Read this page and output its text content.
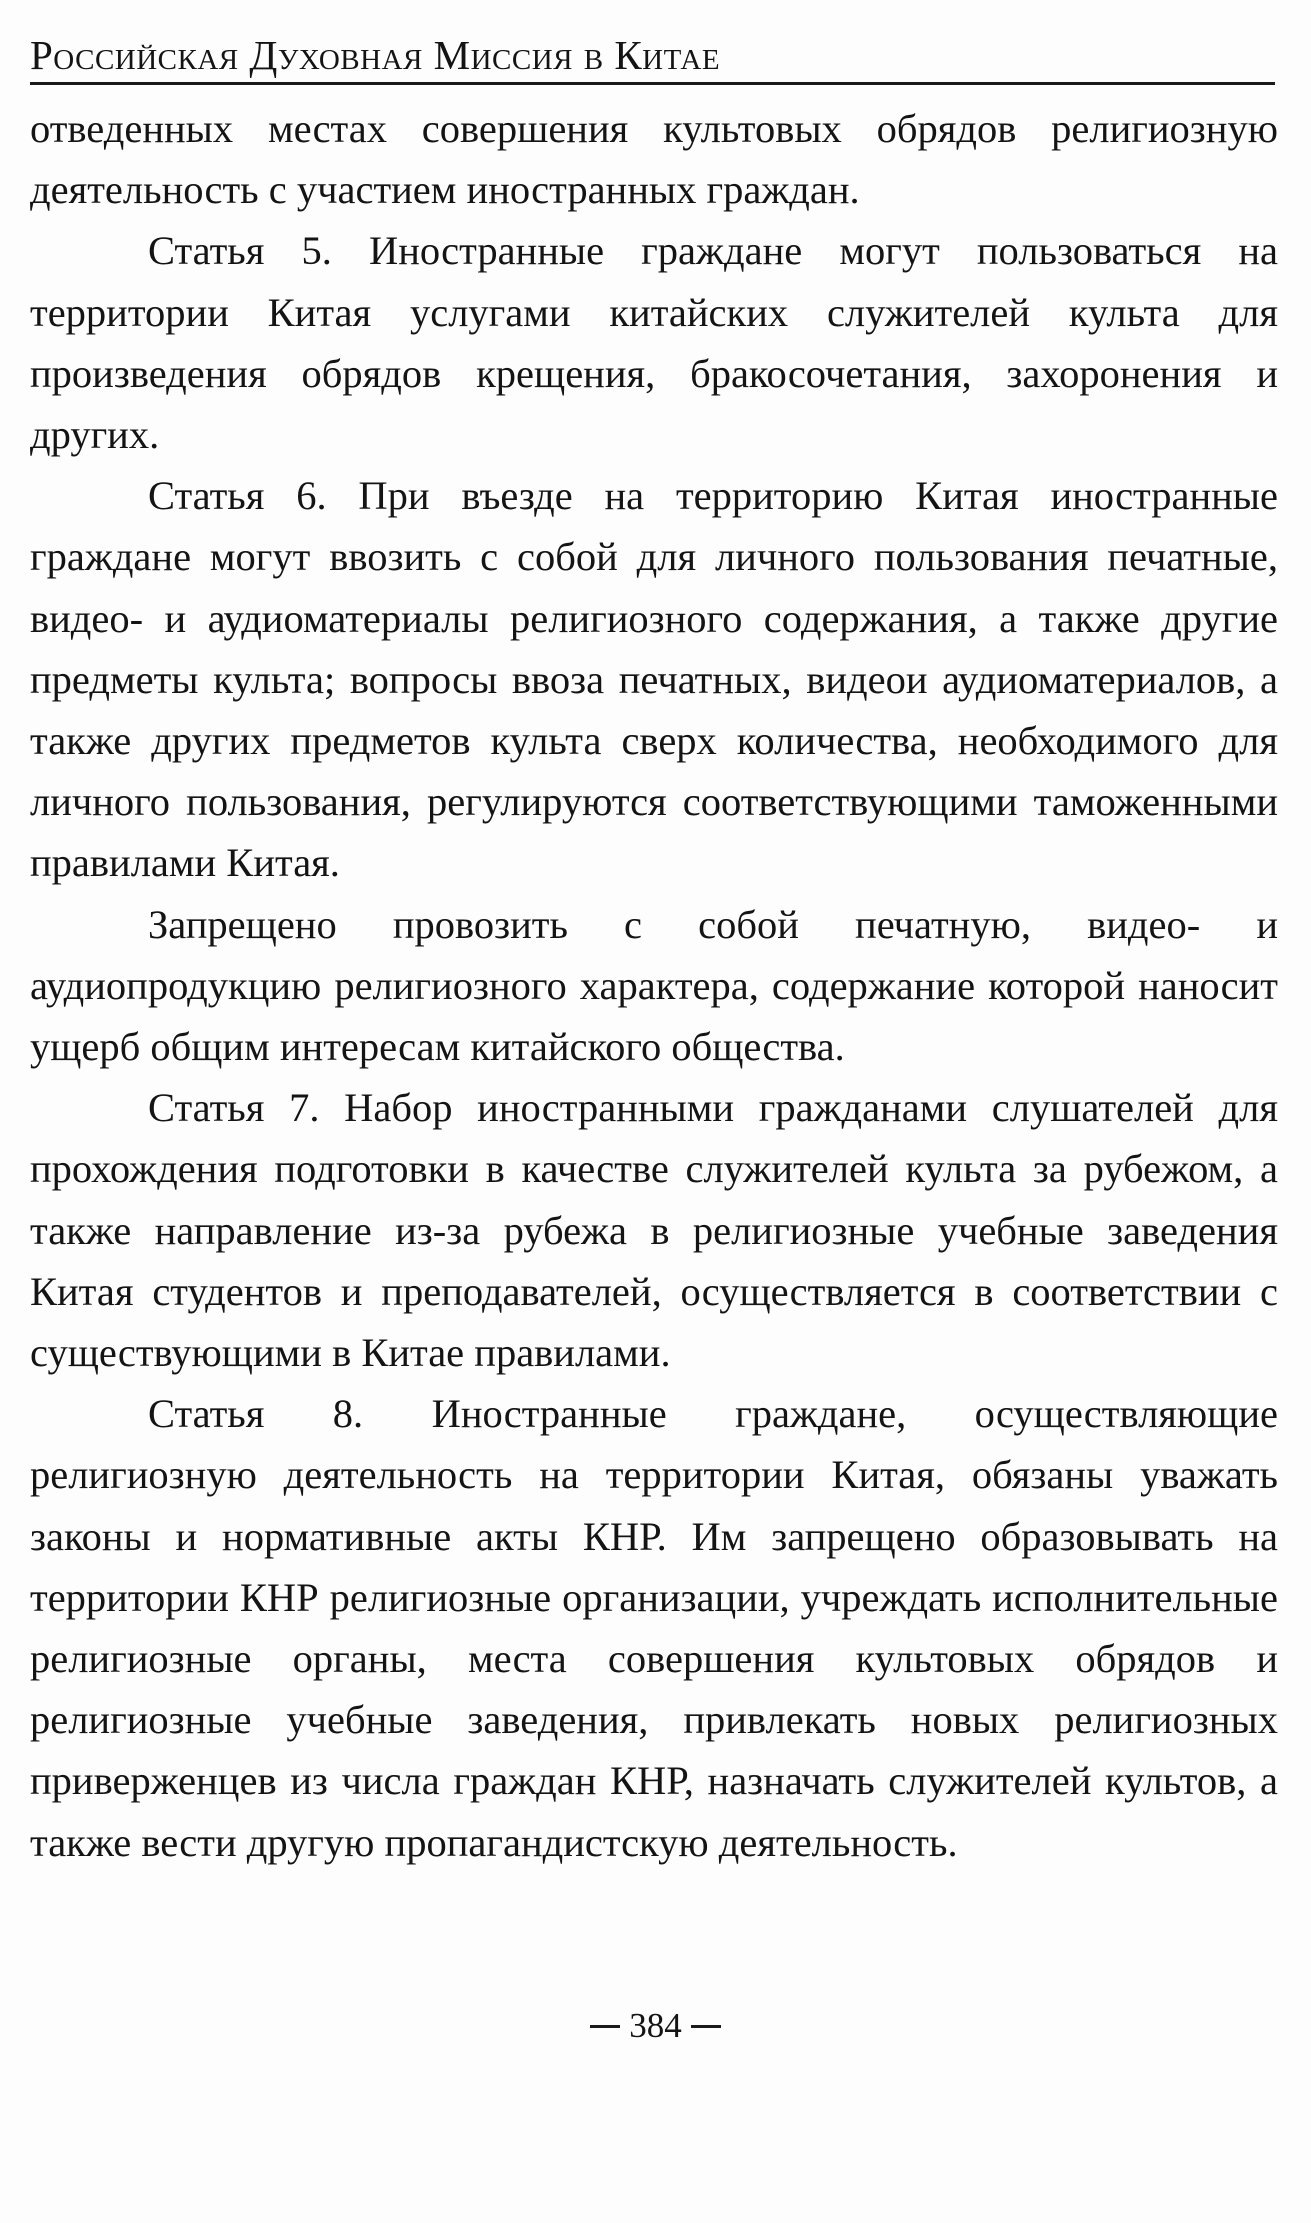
Российская Духовная Миссия в Китае

отведенных местах совершения культовых обрядов религиозную деятельность с участием иностранных граждан.

Статья 5. Иностранные граждане могут пользоваться на территории Китая услугами китайских служителей культа для произведения обрядов крещения, бракосочетания, захоронения и других.

Статья 6. При въезде на территорию Китая иностранные граждане могут ввозить с собой для личного пользования печатные, видео- и аудиоматериалы религиозного содержания, а также другие предметы культа; вопросы ввоза печатных, видеои аудиоматериалов, а также других предметов культа сверх количества, необходимого для личного пользования, регулируются соответствующими таможенными правилами Китая.

Запрещено провозить с собой печатную, видео- и аудиопродукцию религиозного характера, содержание которой наносит ущерб общим интересам китайского общества.

Статья 7. Набор иностранными гражданами слушателей для прохождения подготовки в качестве служителей культа за рубежом, а также направление из-за рубежа в религиозные учебные заведения Китая студентов и преподавателей, осуществляется в соответствии с существующими в Китае правилами.

Статья 8. Иностранные граждане, осуществляющие религиозную деятельность на территории Китая, обязаны уважать законы и нормативные акты КНР. Им запрещено образовывать на территории КНР религиозные организации, учреждать исполнительные религиозные органы, места совершения культовых обрядов и религиозные учебные заведения, привлекать новых религиозных приверженцев из числа граждан КНР, назначать служителей культов, а также вести другую пропагандистскую деятельность.

384
